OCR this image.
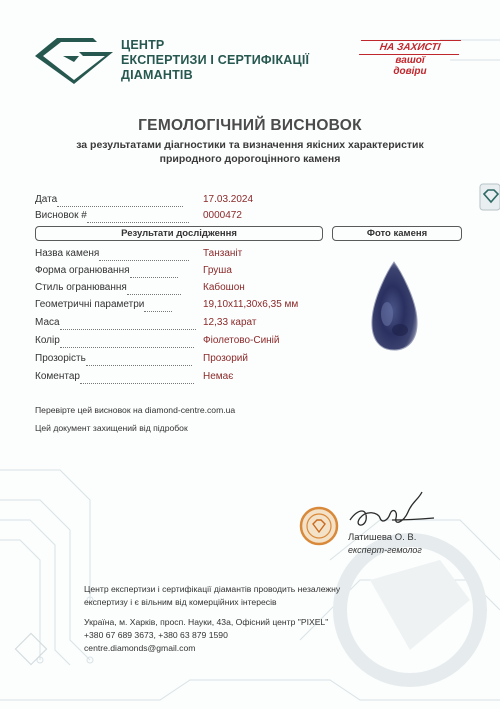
ЦЕНТР
ЕКСПЕРТИЗИ І СЕРТИФІКАЦІЇ
ДІАМАНТІВ
НА ЗАХИСТІ
вашої
довіри
ГЕМОЛОГІЧНИЙ ВИСНОВОК
за результатами діагностики та визначення якісних характеристик
природного дорогоцінного каменя
Дата	17.03.2024
Висновок #	0000472
Результати дослідження	Фото каменя
Назва каменя	Танзаніт
Форма огранювання	Груша
Стиль огранювання	Кабошон
Геометричні параметри	19,10x11,30x6,35 мм
Маса	12,33 карат
Колір	Фіолетово-Синій
Прозорість	Прозорий
Коментар	Немає
Перевірте цей висновок на diamond-centre.com.ua
Цей документ захищений від підробок
Латишева О. В.
експерт-гемолог
Центр експертизи і сертифікації діамантів проводить незалежну
експертизу і є вільним від комерційних інтересів
Україна, м. Харків, просп. Науки, 43а, Офісний центр "PIXEL"
+380 67 689 3673, +380 63 879 1590
centre.diamonds@gmail.com
